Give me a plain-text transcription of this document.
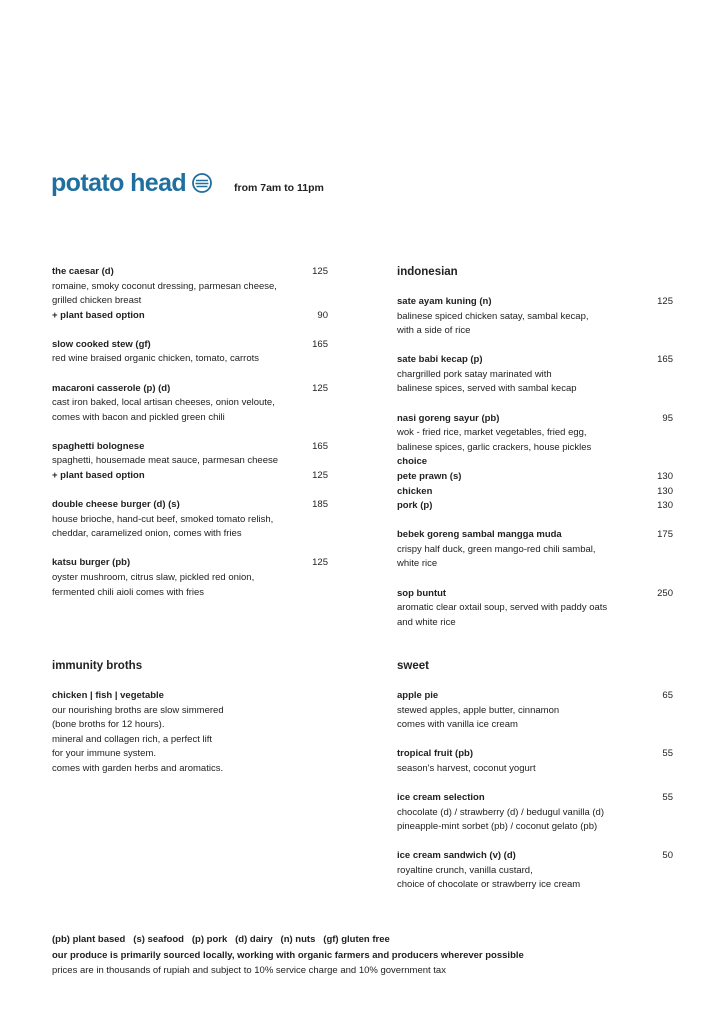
potato head	from 7am to 11pm
the caesar (d)	125
romaine, smoky coconut dressing, parmesan cheese,
grilled chicken breast
+ plant based option	90
slow cooked stew (gf)	165
red wine braised organic chicken, tomato, carrots
macaroni casserole (p) (d)	125
cast iron baked, local artisan cheeses, onion veloute,
comes with bacon and pickled green chili
spaghetti bolognese	165
spaghetti, housemade meat sauce, parmesan cheese
+ plant based option	125
double cheese burger (d) (s)	185
house brioche, hand-cut beef, smoked tomato relish,
cheddar, caramelized onion, comes with fries
katsu burger (pb)	125
oyster mushroom, citrus slaw, pickled red onion,
fermented chili aioli comes with fries
immunity broths
chicken | fish | vegetable
our nourishing broths are slow simmered
(bone broths for 12 hours).
mineral and collagen rich, a perfect lift
for your immune system.
comes with garden herbs and aromatics.
indonesian
sate ayam kuning (n)	125
balinese spiced chicken satay, sambal kecap,
with a side of rice
sate babi kecap (p)	165
chargrilled pork satay marinated with
balinese spices, served with sambal kecap
nasi goreng sayur (pb)	95
wok - fried rice, market vegetables, fried egg,
balinese spices, garlic crackers, house pickles
choice
pete prawn (s)	130
chicken	130
pork (p)	130
bebek goreng sambal mangga muda	175
crispy half duck, green mango-red chili sambal,
white rice
sop buntut	250
aromatic clear oxtail soup, served with paddy oats
and white rice
sweet
apple pie	65
stewed apples, apple butter, cinnamon
comes with vanilla ice cream
tropical fruit (pb)	55
season's harvest, coconut yogurt
ice cream selection	55
chocolate (d) / strawberry (d) / bedugul vanilla (d)
pineapple-mint sorbet (pb) / coconut gelato (pb)
ice cream sandwich (v) (d)	50
royaltine crunch, vanilla custard,
choice of chocolate or strawberry ice cream
(pb) plant based   (s) seafood   (p) pork   (d) dairy   (n) nuts   (gf) gluten free
our produce is primarily sourced locally, working with organic farmers and producers wherever possible
prices are in thousands of rupiah and subject to 10% service charge and 10% government tax
